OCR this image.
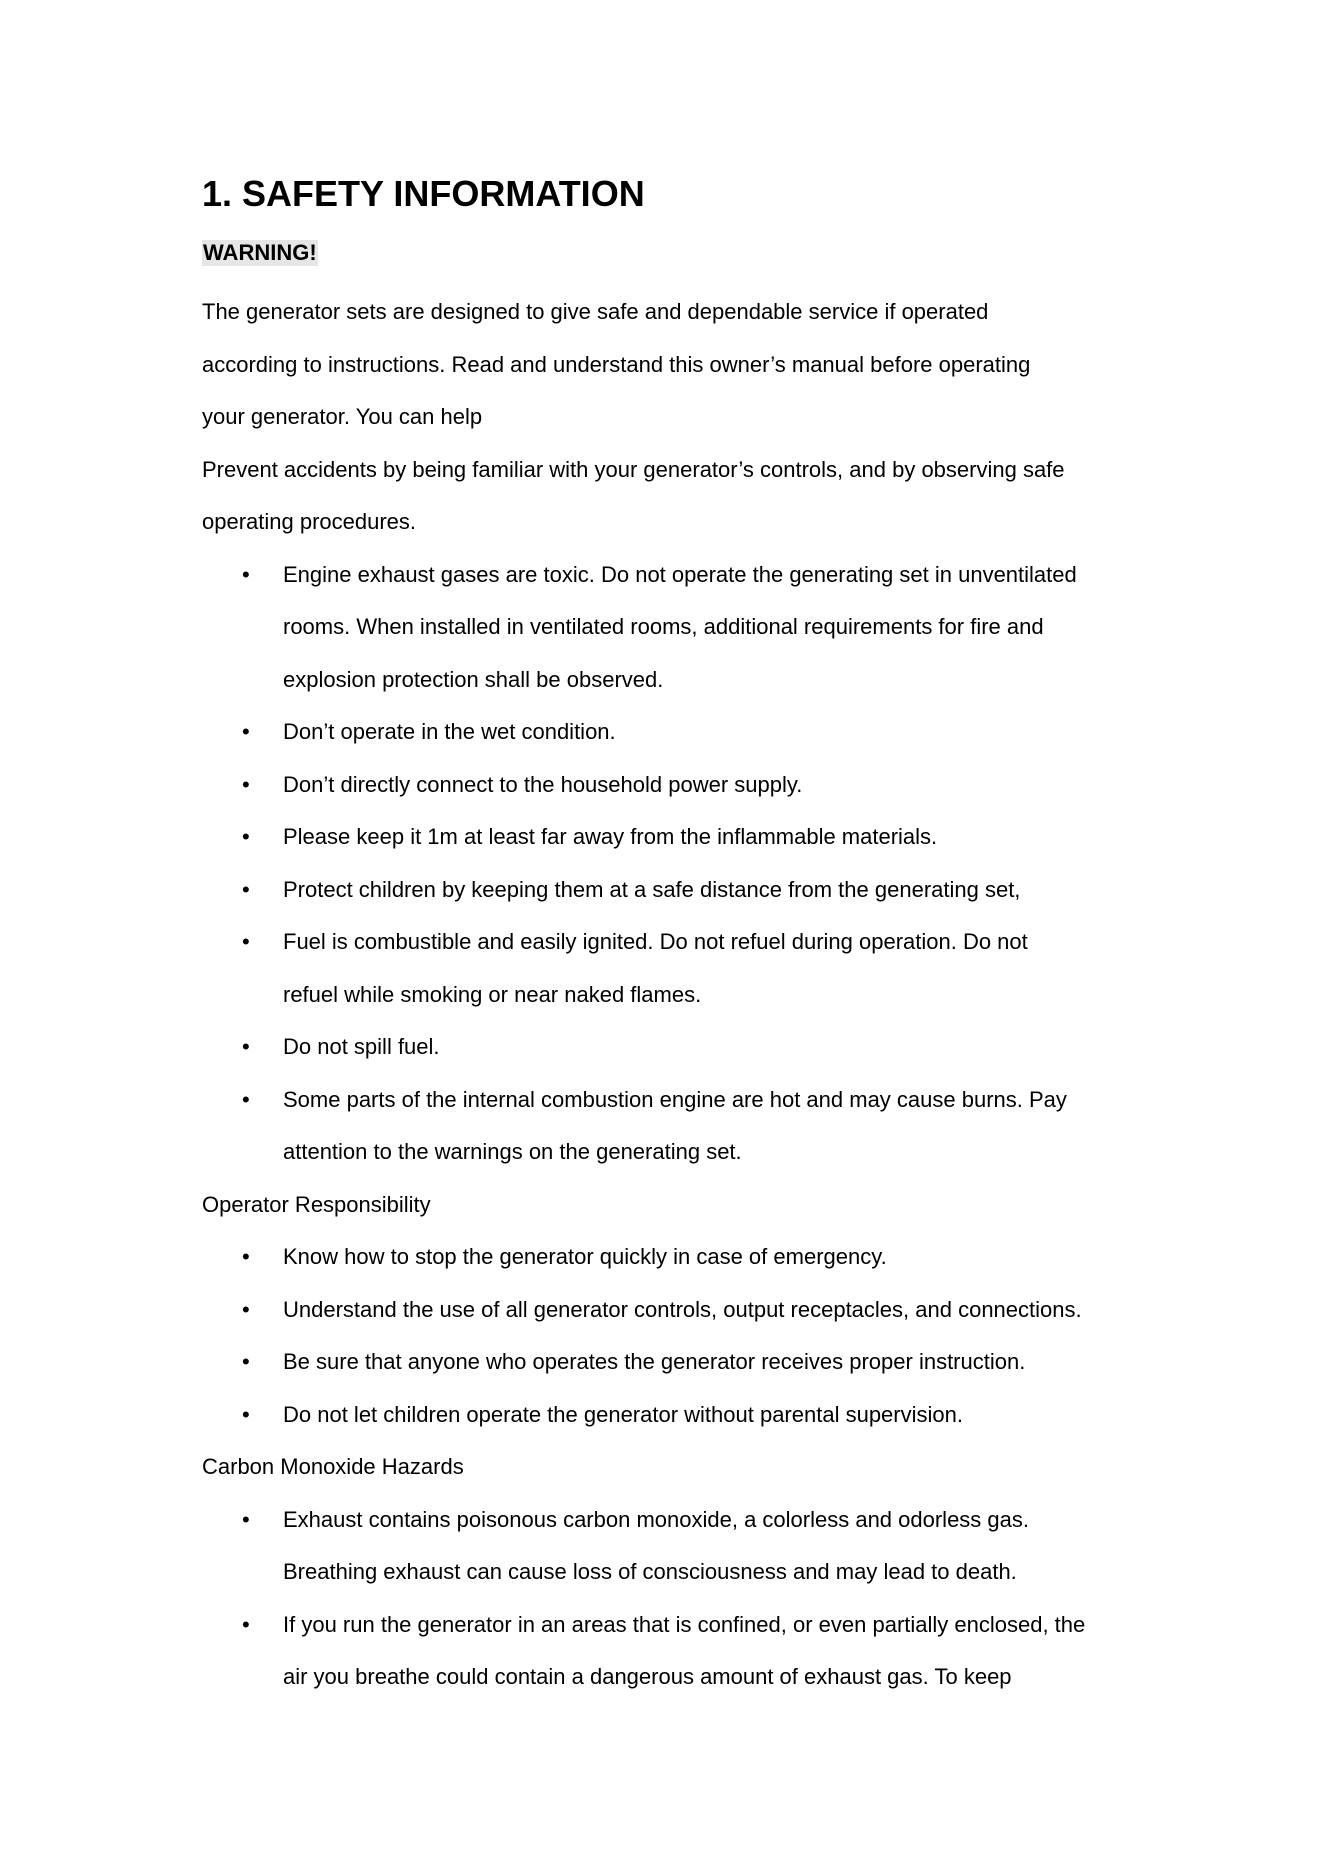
1. SAFETY INFORMATION
WARNING!
The generator sets are designed to give safe and dependable service if operated
according to instructions. Read and understand this owner’s manual before operating
your generator. You can help
Prevent accidents by being familiar with your generator’s controls, and by observing safe
operating procedures.
• Engine exhaust gases are toxic. Do not operate the generating set in unventilated
rooms. When installed in ventilated rooms, additional requirements for fire and
explosion protection shall be observed.
• Don’t operate in the wet condition.
• Don’t directly connect to the household power supply.
• Please keep it 1m at least far away from the inflammable materials.
• Protect children by keeping them at a safe distance from the generating set,
• Fuel is combustible and easily ignited. Do not refuel during operation. Do not
refuel while smoking or near naked flames.
• Do not spill fuel.
• Some parts of the internal combustion engine are hot and may cause burns. Pay
attention to the warnings on the generating set.
Operator Responsibility
• Know how to stop the generator quickly in case of emergency.
• Understand the use of all generator controls, output receptacles, and connections.
• Be sure that anyone who operates the generator receives proper instruction.
• Do not let children operate the generator without parental supervision.
Carbon Monoxide Hazards
• Exhaust contains poisonous carbon monoxide, a colorless and odorless gas.
Breathing exhaust can cause loss of consciousness and may lead to death.
• If you run the generator in an areas that is confined, or even partially enclosed, the
air you breathe could contain a dangerous amount of exhaust gas. To keep
